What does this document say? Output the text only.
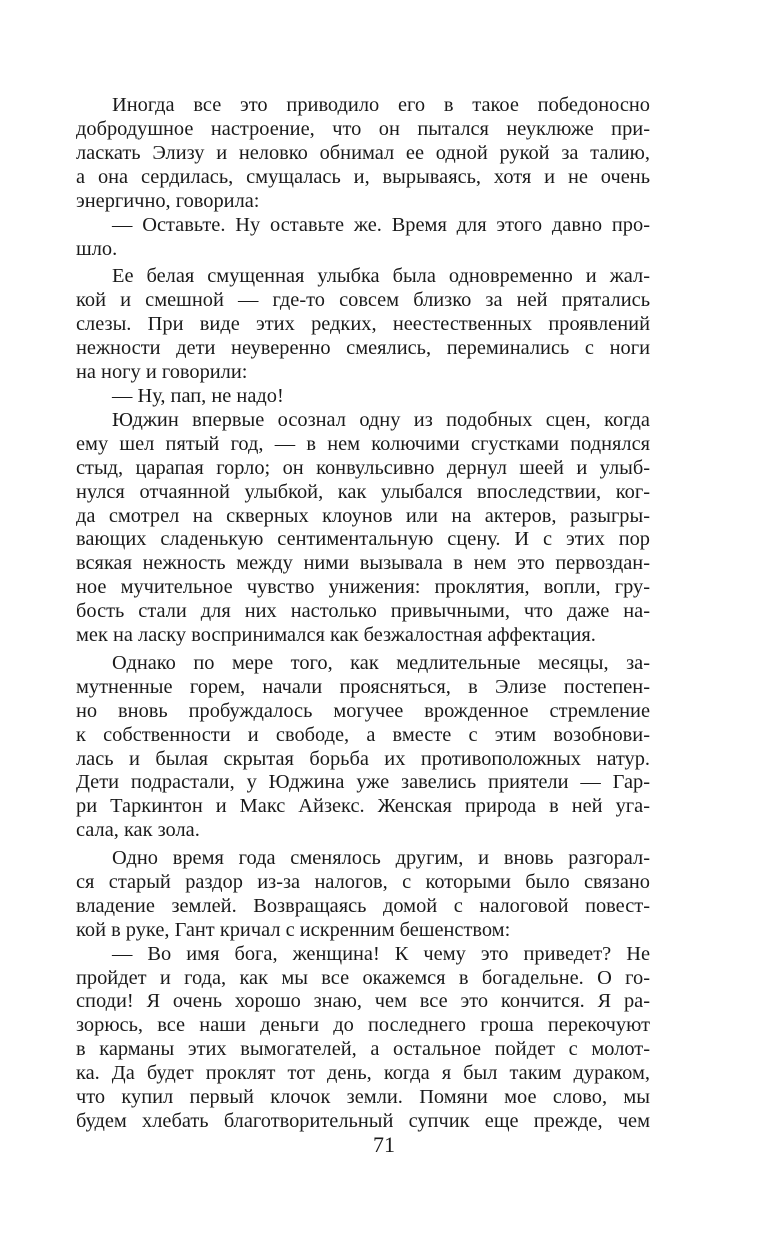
Иногда все это приводило его в такое победоносно
добродушное настроение, что он пытался неуклюже при-
ласкать Элизу и неловко обнимал ее одной рукой за талию,
а она сердилась, смущалась и, вырываясь, хотя и не очень
энергично, говорила:
— Оставьте. Ну оставьте же. Время для этого давно про-
шло.
Ее белая смущенная улыбка была одновременно и жал-
кой и смешной — где-то совсем близко за ней прятались
слезы. При виде этих редких, неестественных проявлений
нежности дети неуверенно смеялись, переминались с ноги
на ногу и говорили:
— Ну, пап, не надо!
Юджин впервые осознал одну из подобных сцен, когда
ему шел пятый год, — в нем колючими сгустками поднялся
стыд, царапая горло; он конвульсивно дернул шеей и улыб-
нулся отчаянной улыбкой, как улыбался впоследствии, ког-
да смотрел на скверных клоунов или на актеров, разыгры-
вающих сладенькую сентиментальную сцену. И с этих пор
всякая нежность между ними вызывала в нем это первоздан-
ное мучительное чувство унижения: проклятия, вопли, гру-
бость стали для них настолько привычными, что даже на-
мек на ласку воспринимался как безжалостная аффектация.
Однако по мере того, как медлительные месяцы, за-
мутненные горем, начали проясняться, в Элизе постепен-
но вновь пробуждалось могучее врожденное стремление
к собственности и свободе, а вместе с этим возобнови-
лась и былая скрытая борьба их противоположных натур.
Дети подрастали, у Юджина уже завелись приятели — Гар-
ри Таркинтон и Макс Айзекс. Женская природа в ней уга-
сала, как зола.
Одно время года сменялось другим, и вновь разгорал-
ся старый раздор из-за налогов, с которыми было связано
владение землей. Возвращаясь домой с налоговой повест-
кой в руке, Гант кричал с искренним бешенством:
— Во имя бога, женщина! К чему это приведет? Не
пройдет и года, как мы все окажемся в богадельне. О го-
споди! Я очень хорошо знаю, чем все это кончится. Я ра-
зорюсь, все наши деньги до последнего гроша перекочуют
в карманы этих вымогателей, а остальное пойдет с молот-
ка. Да будет проклят тот день, когда я был таким дураком,
что купил первый клочок земли. Помяни мое слово, мы
будем хлебать благотворительный супчик еще прежде, чем
71
